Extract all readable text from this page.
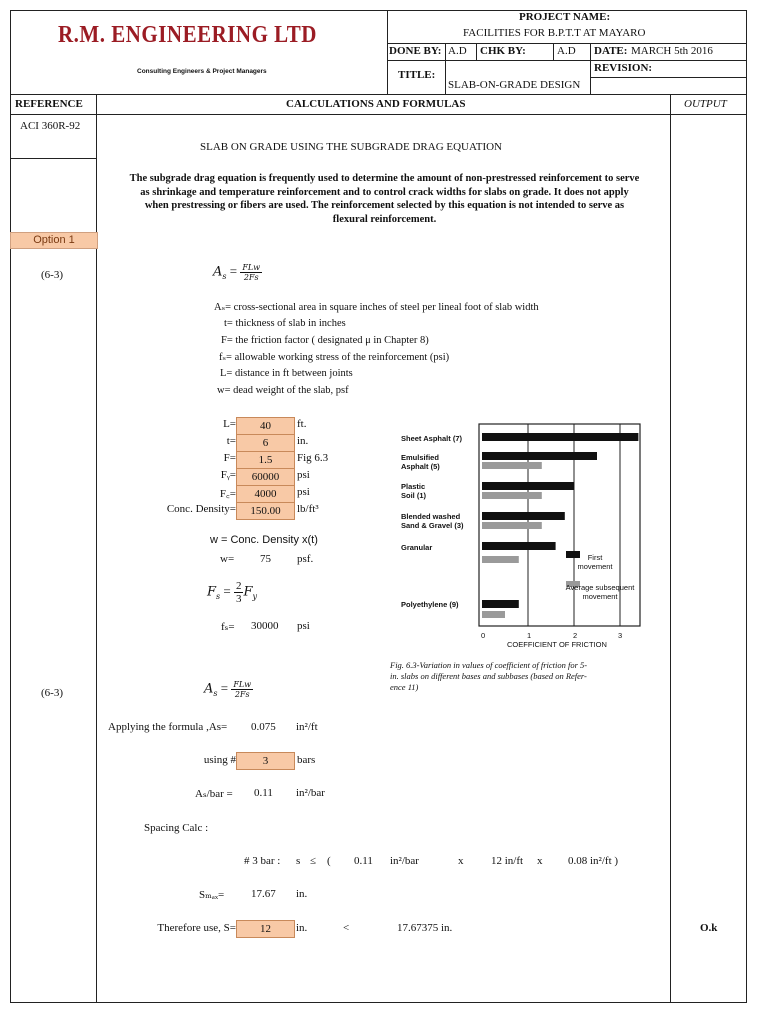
R.M. ENGINEERING LTD
Consulting Engineers & Project Managers
PROJECT NAME:
FACILITIES FOR B.P.T.T AT MAYARO
DONE BY: A.D CHK BY:	A.D DATE: MARCH 5th 2016
TITLE:
SLAB-ON-GRADE DESIGN
REVISION:
REFERENCE	CALCULATIONS AND FORMULAS	OUTPUT
ACI 360R-92
Option 1
(6-3)
(6-3)
SLAB ON GRADE USING THE SUBGRADE DRAG EQUATION
The subgrade drag equation is frequently used to determine the amount of non-prestressed reinforcement to serve
as shrinkage and temperature reinforcement and to control crack widths for slabs on grade. It does not apply
when prestressing or fibers are used. The reinforcement selected by this equation is not intended to serve as
flexural reinforcement.
$A_s = \frac{\text{FLw}}{2Fs}$
Aₛ= cross-sectional area in square inches of steel per lineal foot of slab width
t= thickness of slab in inches
F= the friction factor ( designated μ in Chapter 8)
fₛ= allowable working stress of the reinforcement (psi)
L= distance in ft between joints
w= dead weight of the slab, psf
L=	40	ft.
t=	6	in.
F=	1.5	Fig 6.3
Fᵧ=	60000	psi
F꜀=	4000	psi
Conc. Density=	150.00	lb/ft³
w = Conc. Density x(t)
w= 75 psf.
$F_s = \frac{2}{3} F_y$
fₛ= 30000 psi
$A_s = \frac{\text{FLw}}{2Fs}$
Applying the formula ,As= 0.075 in²/ft
using #	3	bars
Aₛ/bar = 0.11 in²/bar
Spacing Calc :
# 3 bar : s ≤ ( 0.11 in²/bar	x	12 in/ft x 0.08 in²/ft )
Sₘₐₓ= 17.67 in.
Therefore use, S=	12	in.	<	17.67375 in.	O.k
Sheet Asphalt (7)
Emulsified Asphalt (5)
Plastic Soil (1)
Blended washed Sand & Gravel (3)
Granular
Polyethylene (9)
First movement
Average subsequent movement
0	1	2	3
COEFFICIENT OF FRICTION
Fig. 6.3-Variation in values of coefficient of friction for 5-
in. slabs on different bases and subbases (based on Refer-
ence 11)
